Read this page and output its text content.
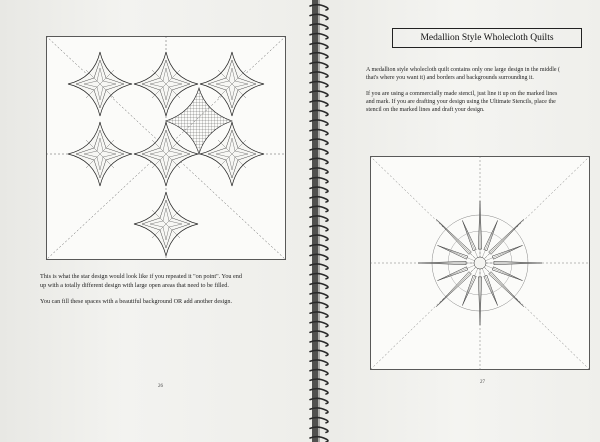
This is what the star design would look like if you repeated it "on point". You end
up with a totally different design with large open areas that need to be filled.
You can fill these spaces with a beautiful background OR add another design.
26
Medallion Style Wholecloth Quilts
A medallion style wholecloth quilt contains only one large design in the middle (
that's where you want it) and borders and backgrounds surrounding it.
If you are using a commercially made stencil, just line it up on the marked lines
and mark. If you are drafting your design using the Ultimate Stencils, place the
stencil on the marked lines and draft your design.
27
